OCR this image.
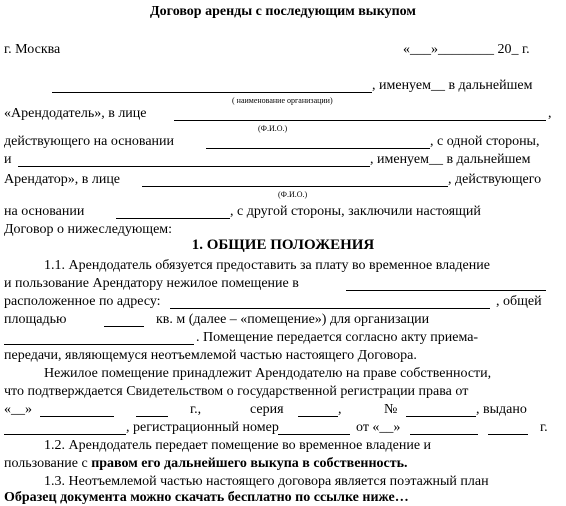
Договор аренды с последующим выкупом
г. Москва	«___»________ 20_ г.
, именуем__ в дальнейшем
( наименование организации)
«Арендодатель», в лице	,
(Ф.И.О.)
действующего на основании	, с одной стороны,
и	, именуем__ в дальнейшем
Арендатор», в лице	, действующего
(Ф.И.О.)
на основании	, с другой стороны, заключили настоящий
Договор о нижеследующем:
1. ОБЩИЕ ПОЛОЖЕНИЯ
1.1. Арендодатель обязуется предоставить за плату во временное владение
и пользование Арендатору нежилое помещение в
расположенное по адресу:	, общей
площадью	кв. м (далее – «помещение») для организации
. Помещение передается согласно акту приема-
передачи, являющемуся неотъемлемой частью настоящего Договора.
Нежилое помещение принадлежит Арендодателю на праве собственности,
что подтверждается Свидетельством о государственной регистрации права от
«__»	г.,	серия	,	№	, выдано
, регистрационный номер	от «__»	г.
1.2. Арендодатель передает помещение во временное владение и
пользование с правом его дальнейшего выкупа в собственность.
1.3. Неотъемлемой частью настоящего договора является поэтажный план
Образец документа можно скачать бесплатно по ссылке ниже…
